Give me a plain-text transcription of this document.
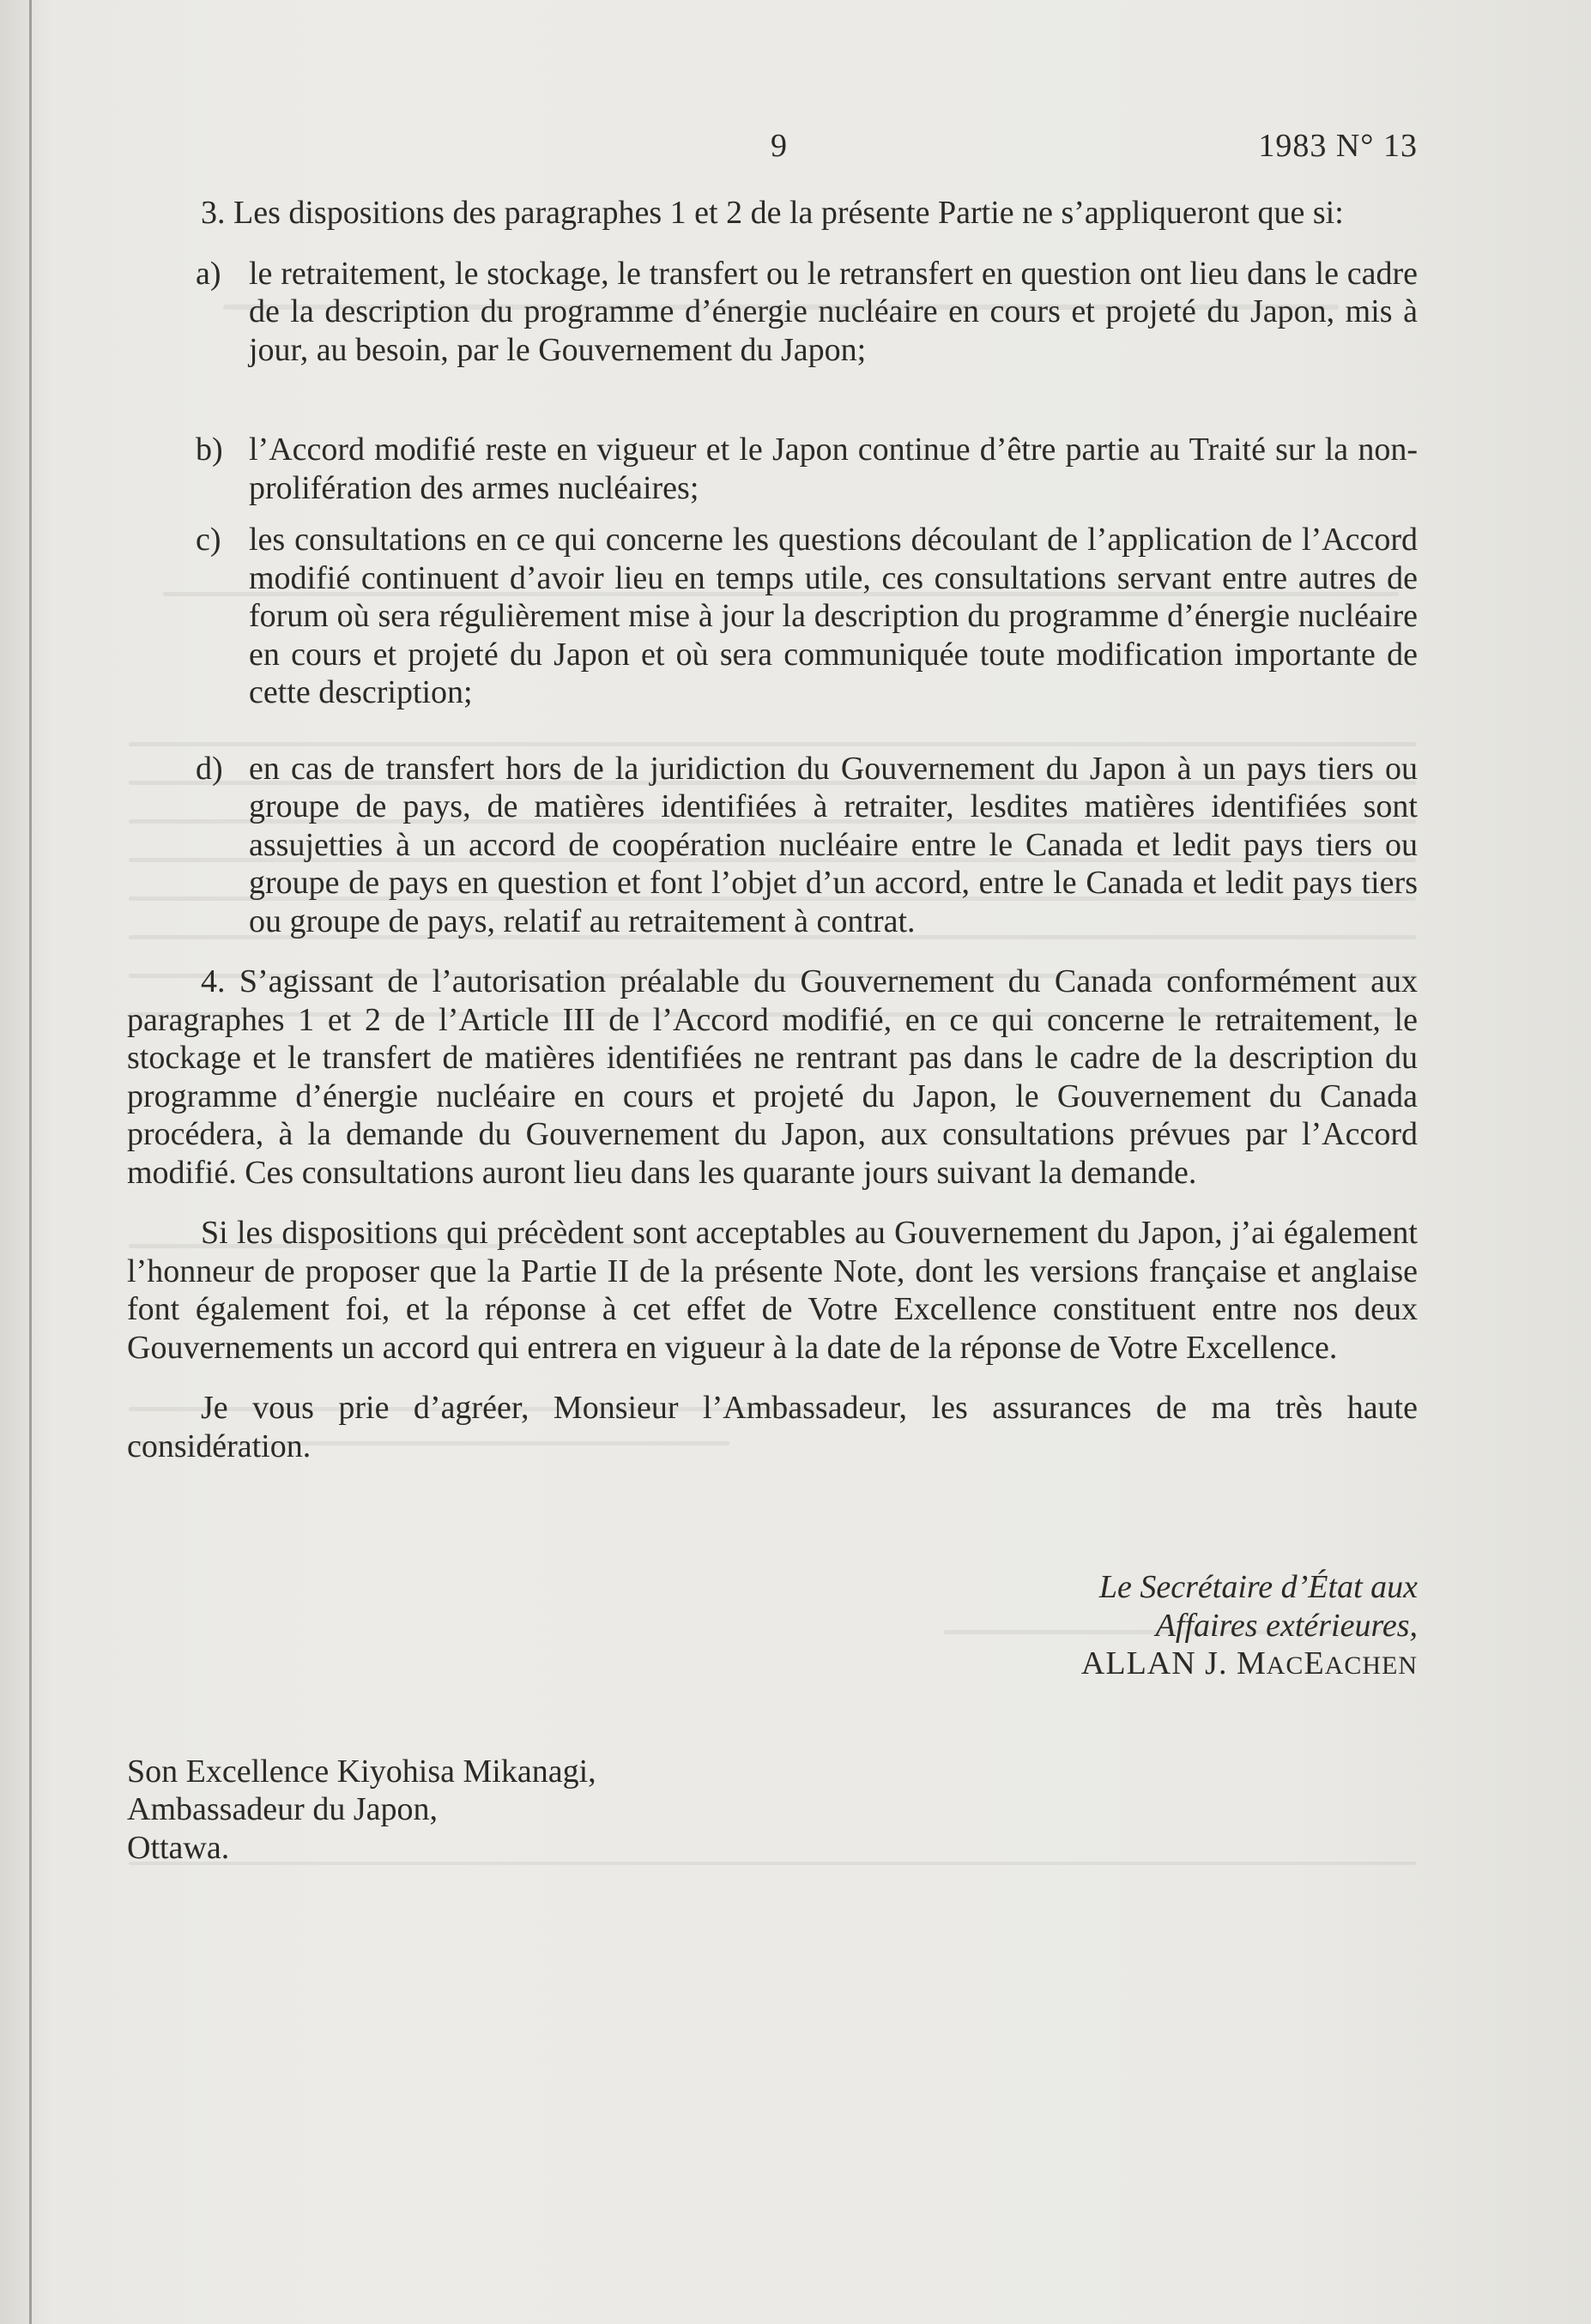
9	1983 N° 13

3. Les dispositions des paragraphes 1 et 2 de la présente Partie ne s’appliqueront que si:

a) le retraitement, le stockage, le transfert ou le retransfert en question ont lieu dans le cadre de la description du programme d’énergie nucléaire en cours et projeté du Japon, mis à jour, au besoin, par le Gouvernement du Japon;
b) l’Accord modifié reste en vigueur et le Japon continue d’être partie au Traité sur la non-prolifération des armes nucléaires;
c) les consultations en ce qui concerne les questions découlant de l’application de l’Accord modifié continuent d’avoir lieu en temps utile, ces consultations servant entre autres de forum où sera régulièrement mise à jour la description du programme d’énergie nucléaire en cours et projeté du Japon et où sera communiquée toute modification importante de cette description;
d) en cas de transfert hors de la juridiction du Gouvernement du Japon à un pays tiers ou groupe de pays, de matières identifiées à retraiter, lesdites matières identifiées sont assujetties à un accord de coopération nucléaire entre le Canada et ledit pays tiers ou groupe de pays en question et font l’objet d’un accord, entre le Canada et ledit pays tiers ou groupe de pays, relatif au retraitement à contrat.

4. S’agissant de l’autorisation préalable du Gouvernement du Canada conformément aux paragraphes 1 et 2 de l’Article III de l’Accord modifié, en ce qui concerne le retraitement, le stockage et le transfert de matières identifiées ne rentrant pas dans le cadre de la description du programme d’énergie nucléaire en cours et projeté du Japon, le Gouvernement du Canada procédera, à la demande du Gouvernement du Japon, aux consultations prévues par l’Accord modifié. Ces consultations auront lieu dans les quarante jours suivant la demande.

Si les dispositions qui précèdent sont acceptables au Gouvernement du Japon, j’ai également l’honneur de proposer que la Partie II de la présente Note, dont les versions française et anglaise font également foi, et la réponse à cet effet de Votre Excellence constituent entre nos deux Gouvernements un accord qui entrera en vigueur à la date de la réponse de Votre Excellence.

Je vous prie d’agréer, Monsieur l’Ambassadeur, les assurances de ma très haute considération.

Le Secrétaire d’État aux
Affaires extérieures,
ALLAN J. MACEACHEN
Son Excellence Kiyohisa Mikanagi,
Ambassadeur du Japon,
Ottawa.
